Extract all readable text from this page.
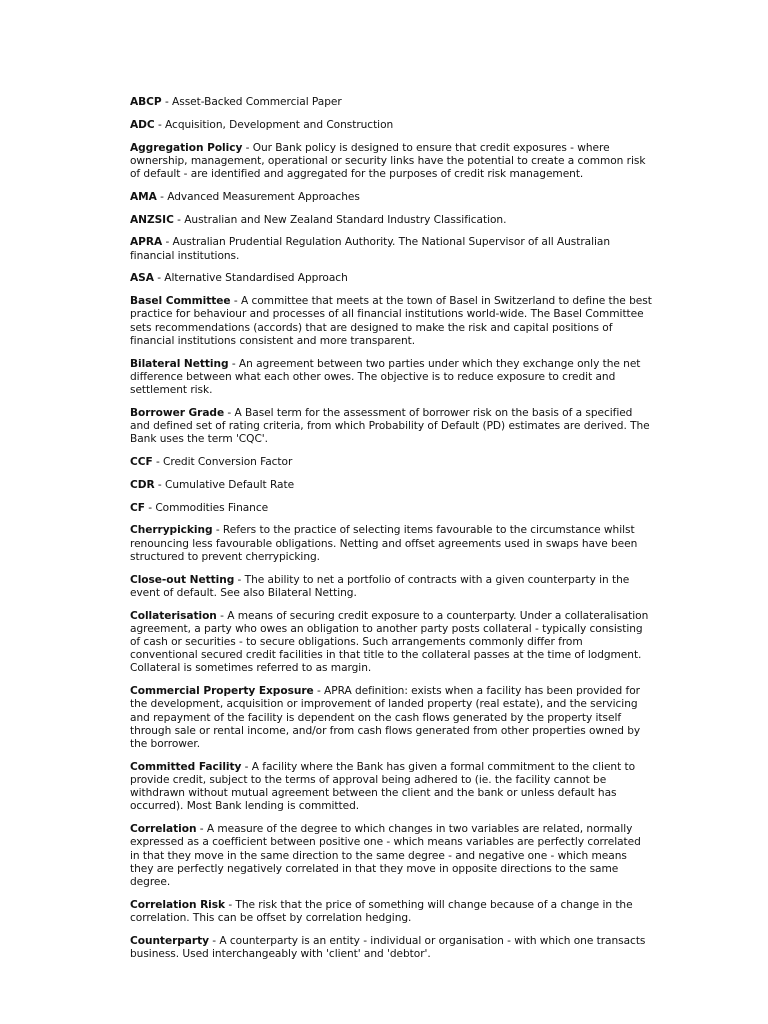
ABCP - Asset-Backed Commercial Paper

ADC - Acquisition, Development and Construction

Aggregation Policy - Our Bank policy is designed to ensure that credit exposures - where ownership, management, operational or security links have the potential to create a common risk of default - are identified and aggregated for the purposes of credit risk management.

AMA - Advanced Measurement Approaches

ANZSIC - Australian and New Zealand Standard Industry Classification.

APRA - Australian Prudential Regulation Authority. The National Supervisor of all Australian financial institutions.

ASA - Alternative Standardised Approach

Basel Committee - A committee that meets at the town of Basel in Switzerland to define the best practice for behaviour and processes of all financial institutions world-wide. The Basel Committee sets recommendations (accords) that are designed to make the risk and capital positions of financial institutions consistent and more transparent.

Bilateral Netting - An agreement between two parties under which they exchange only the net difference between what each other owes. The objective is to reduce exposure to credit and settlement risk.

Borrower Grade - A Basel term for the assessment of borrower risk on the basis of a specified and defined set of rating criteria, from which Probability of Default (PD) estimates are derived. The Bank uses the term 'CQC'.

CCF - Credit Conversion Factor

CDR - Cumulative Default Rate

CF - Commodities Finance

Cherrypicking - Refers to the practice of selecting items favourable to the circumstance whilst renouncing less favourable obligations. Netting and offset agreements used in swaps have been structured to prevent cherrypicking.

Close-out Netting - The ability to net a portfolio of contracts with a given counterparty in the event of default. See also Bilateral Netting.

Collaterisation - A means of securing credit exposure to a counterparty. Under a collateralisation agreement, a party who owes an obligation to another party posts collateral - typically consisting of cash or securities - to secure obligations. Such arrangements commonly differ from conventional secured credit facilities in that title to the collateral passes at the time of lodgment. Collateral is sometimes referred to as margin.

Commercial Property Exposure - APRA definition: exists when a facility has been provided for the development, acquisition or improvement of landed property (real estate), and the servicing and repayment of the facility is dependent on the cash flows generated by the property itself through sale or rental income, and/or from cash flows generated from other properties owned by the borrower.

Committed Facility - A facility where the Bank has given a formal commitment to the client to provide credit, subject to the terms of approval being adhered to (ie. the facility cannot be withdrawn without mutual agreement between the client and the bank or unless default has occurred). Most Bank lending is committed.

Correlation - A measure of the degree to which changes in two variables are related, normally expressed as a coefficient between positive one - which means variables are perfectly correlated in that they move in the same direction to the same degree - and negative one - which means they are perfectly negatively correlated in that they move in opposite directions to the same degree.

Correlation Risk - The risk that the price of something will change because of a change in the correlation. This can be offset by correlation hedging.

Counterparty - A counterparty is an entity - individual or organisation - with which one transacts business. Used interchangeably with 'client' and 'debtor'.
